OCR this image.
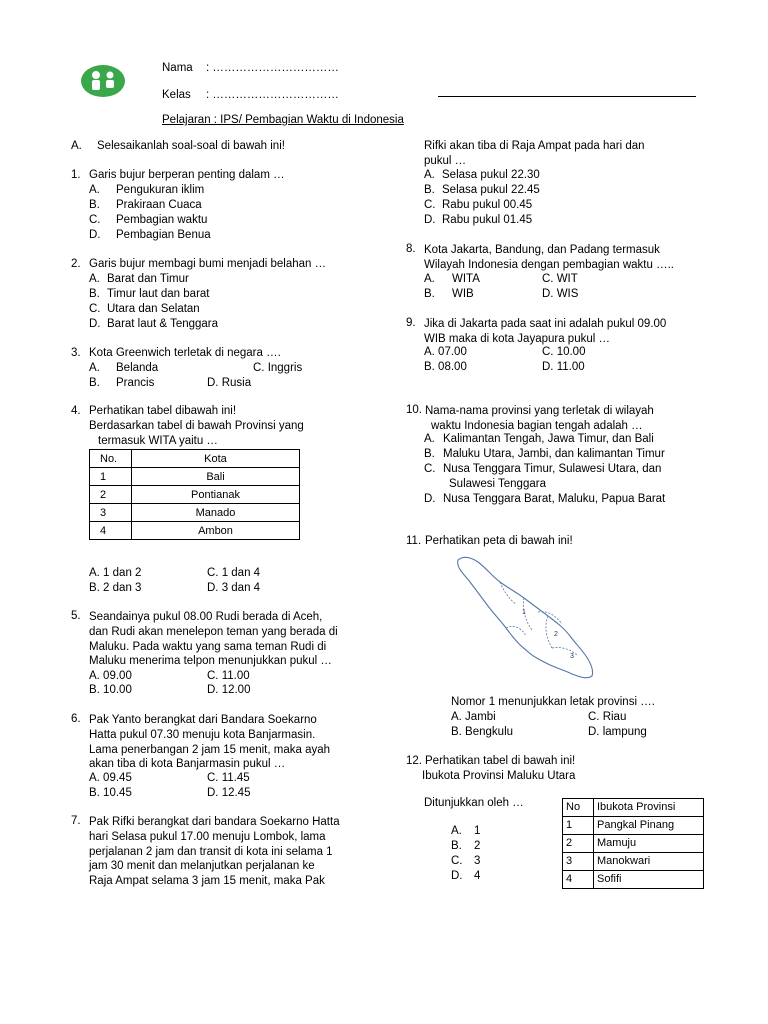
Nama : ……………………………
Kelas : ……………………………
Pelajaran : IPS/ Pembagian Waktu di Indonesia
A. Selesaikanlah soal-soal di bawah ini!
1. Garis bujur berperan penting dalam …
A. Pengukuran iklim
B. Prakiraan Cuaca
C. Pembagian waktu
D. Pembagian Benua
2. Garis bujur membagi bumi menjadi belahan …
A. Barat dan Timur
B. Timur laut dan barat
C. Utara dan Selatan
D. Barat laut & Tenggara
3. Kota Greenwich terletak di negara ….
A. Belanda	C. Inggris
B. Prancis	D. Rusia
4. Perhatikan tabel dibawah ini!
Berdasarkan tabel di bawah Provinsi yang
termasuk WITA yaitu …
No.	Kota
1	Bali
2	Pontianak
3	Manado
4	Ambon
A. 1 dan 2	C. 1 dan 4
B. 2 dan 3	D. 3 dan 4
5. Seandainya pukul 08.00 Rudi berada di Aceh,
dan Rudi akan menelepon teman yang berada di
Maluku. Pada waktu yang sama teman Rudi di
Maluku menerima telpon menunjukkan pukul …
A. 09.00	C. 11.00
B. 10.00	D. 12.00
6. Pak Yanto berangkat dari Bandara Soekarno
Hatta pukul 07.30 menuju kota Banjarmasin.
Lama penerbangan 2 jam 15 menit, maka ayah
akan tiba di kota Banjarmasin pukul …
A. 09.45	C. 11.45
B. 10.45	D. 12.45
7. Pak Rifki berangkat dari bandara Soekarno Hatta
hari Selasa pukul 17.00 menuju Lombok, lama
perjalanan 2 jam dan transit di kota ini selama 1
jam 30 menit dan melanjutkan perjalanan ke
Raja Ampat selama 3 jam 15 menit, maka Pak
Rifki akan tiba di Raja Ampat pada hari dan
pukul …
A. Selasa pukul 22.30
B. Selasa pukul 22.45
C. Rabu pukul 00.45
D. Rabu pukul 01.45
8. Kota Jakarta, Bandung, dan Padang termasuk
Wilayah Indonesia dengan pembagian waktu …..
A. WITA	C. WIT
B. WIB	D. WIS
9. Jika di Jakarta pada saat ini adalah pukul 09.00
WIB maka di kota Jayapura pukul …
A. 07.00	C. 10.00
B. 08.00	D. 11.00
10. Nama-nama provinsi yang terletak di wilayah
waktu Indonesia bagian tengah adalah …
A. Kalimantan Tengah, Jawa Timur, dan Bali
B. Maluku Utara, Jambi, dan kalimantan Timur
C. Nusa Tenggara Timur, Sulawesi Utara, dan
Sulawesi Tenggara
D. Nusa Tenggara Barat, Maluku, Papua Barat
11. Perhatikan peta di bawah ini!
1
2
3
Nomor 1 menunjukkan letak provinsi ….
A. Jambi	C. Riau
B. Bengkulu	D. lampung
12. Perhatikan tabel di bawah ini!
Ibukota Provinsi Maluku Utara
Ditunjukkan oleh …
A. 1
B. 2
C. 3
D. 4
No	Ibukota Provinsi
1	Pangkal Pinang
2	Mamuju
3	Manokwari
4	Sofifi
